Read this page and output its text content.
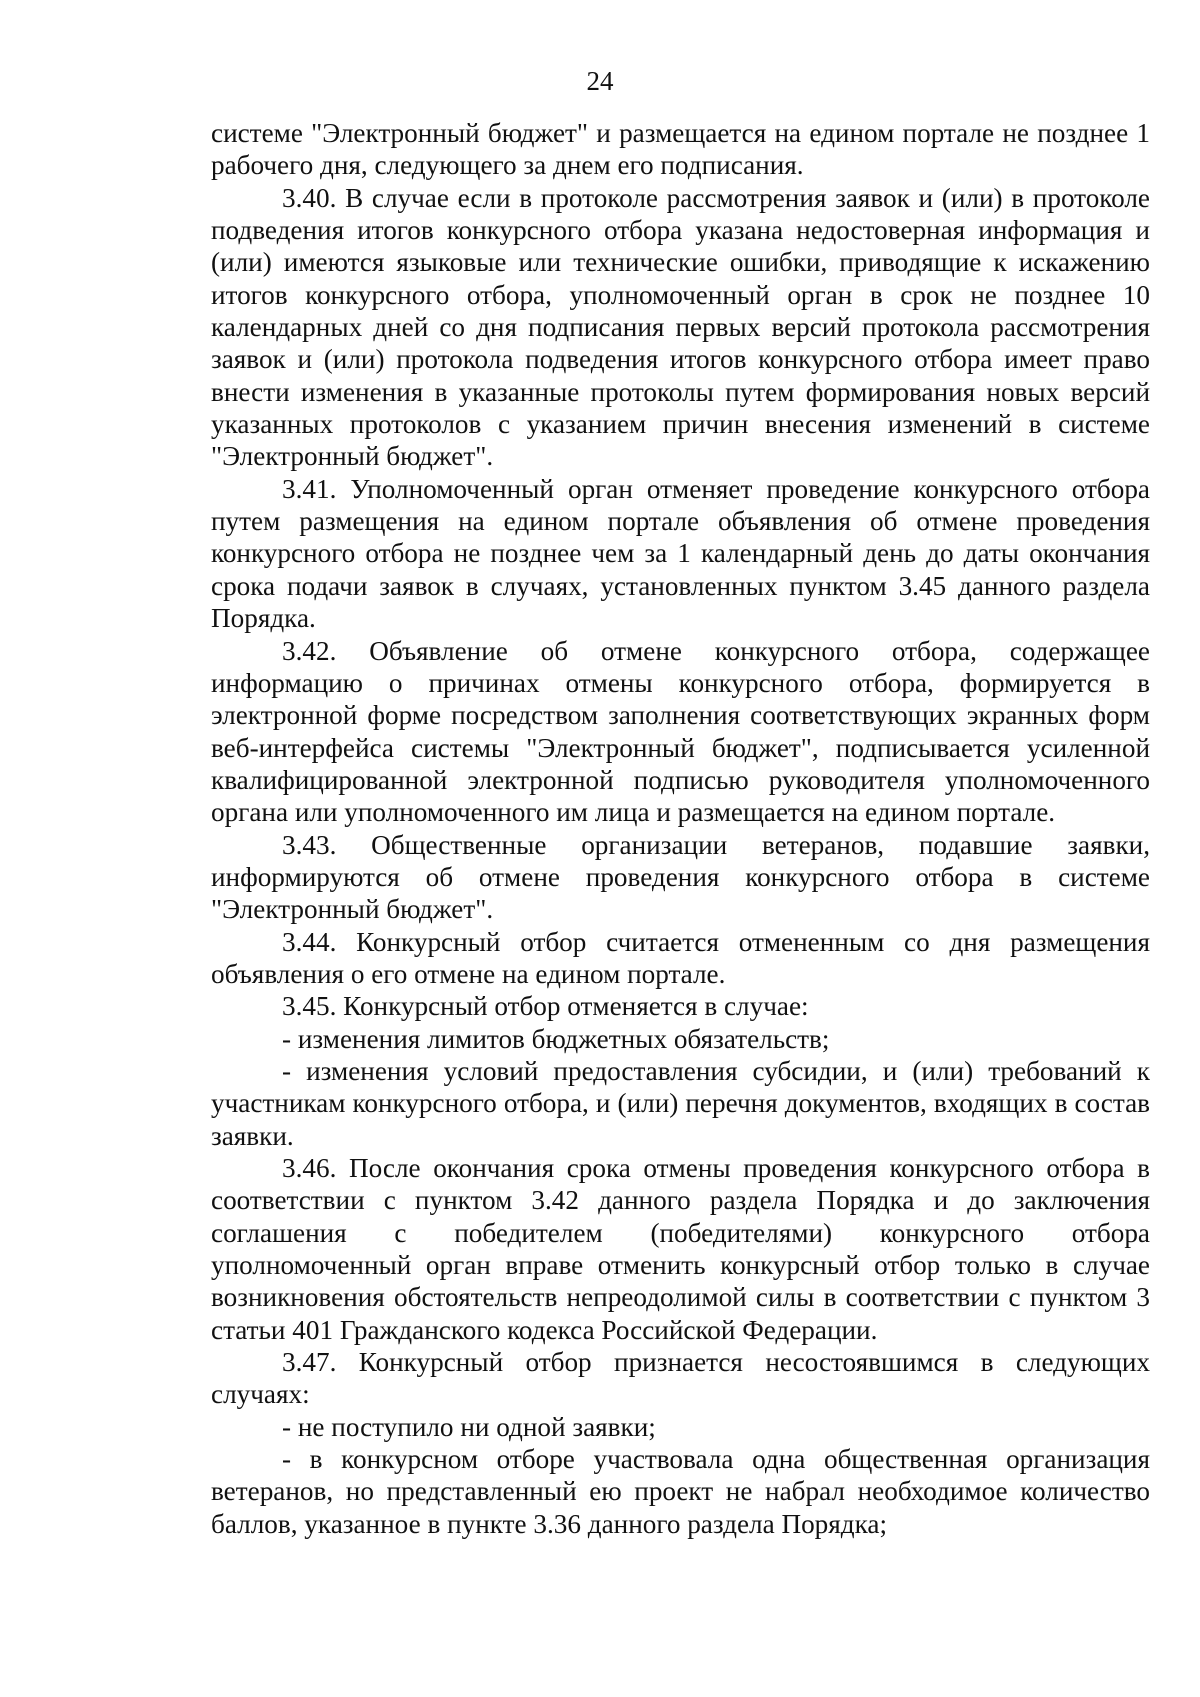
24

системе "Электронный бюджет" и размещается на едином портале не позднее 1 рабочего дня, следующего за днем его подписания.

3.40. В случае если в протоколе рассмотрения заявок и (или) в протоколе подведения итогов конкурсного отбора указана недостоверная информация и (или) имеются языковые или технические ошибки, приводящие к искажению итогов конкурсного отбора, уполномоченный орган в срок не позднее 10 календарных дней со дня подписания первых версий протокола рассмотрения заявок и (или) протокола подведения итогов конкурсного отбора имеет право внести изменения в указанные протоколы путем формирования новых версий указанных протоколов с указанием причин внесения изменений в системе "Электронный бюджет".

3.41. Уполномоченный орган отменяет проведение конкурсного отбора путем размещения на едином портале объявления об отмене проведения конкурсного отбора не позднее чем за 1 календарный день до даты окончания срока подачи заявок в случаях, установленных пунктом 3.45 данного раздела Порядка.

3.42. Объявление об отмене конкурсного отбора, содержащее информацию о причинах отмены конкурсного отбора, формируется в электронной форме посредством заполнения соответствующих экранных форм веб-интерфейса системы "Электронный бюджет", подписывается усиленной квалифицированной электронной подписью руководителя уполномоченного органа или уполномоченного им лица и размещается на едином портале.

3.43. Общественные организации ветеранов, подавшие заявки, информируются об отмене проведения конкурсного отбора в системе "Электронный бюджет".

3.44. Конкурсный отбор считается отмененным со дня размещения объявления о его отмене на едином портале.

3.45. Конкурсный отбор отменяется в случае:

- изменения лимитов бюджетных обязательств;

- изменения условий предоставления субсидии, и (или) требований к участникам конкурсного отбора, и (или) перечня документов, входящих в состав заявки.

3.46. После окончания срока отмены проведения конкурсного отбора в соответствии с пунктом 3.42 данного раздела Порядка и до заключения соглашения с победителем (победителями) конкурсного отбора уполномоченный орган вправе отменить конкурсный отбор только в случае возникновения обстоятельств непреодолимой силы в соответствии с пунктом 3 статьи 401 Гражданского кодекса Российской Федерации.

3.47. Конкурсный отбор признается несостоявшимся в следующих случаях:

- не поступило ни одной заявки;

- в конкурсном отборе участвовала одна общественная организация ветеранов, но представленный ею проект не набрал необходимое количество баллов, указанное в пункте 3.36 данного раздела Порядка;
